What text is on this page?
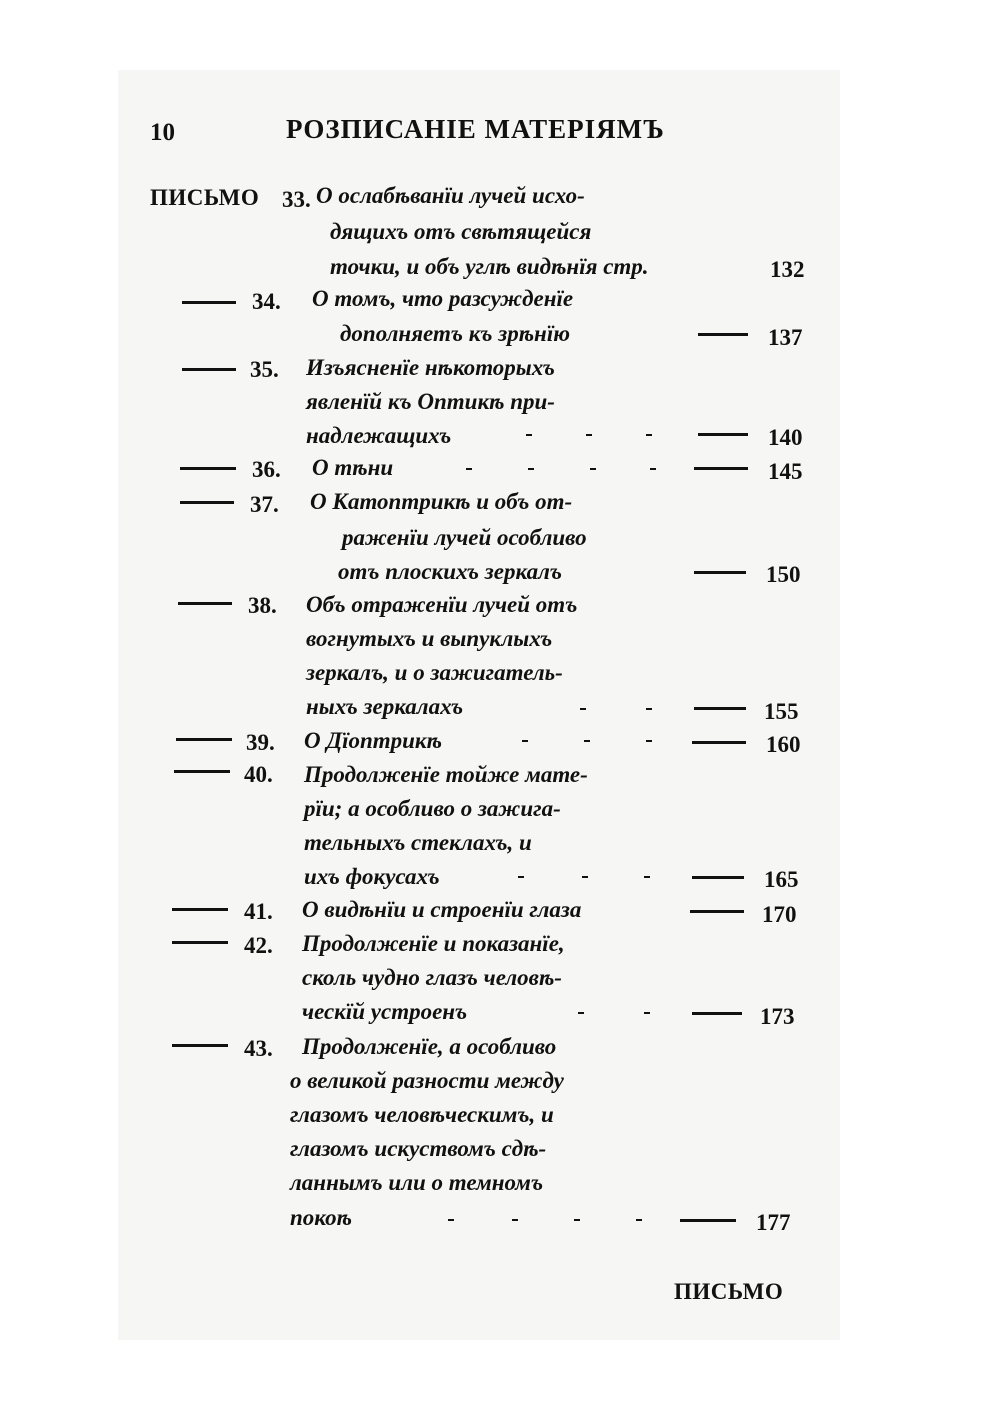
10	РОЗПИСАНІЕ МАТЕРІЯМЪ
ПИСЬМО 33. О ослабѣванїи лучей исхо-
дящихъ отъ свѣтящейся
точки, и объ углѣ видѣнїя стр.	132
34. О томъ, что разсужденїе
дополняетъ къ зрѣнїю	137
35. Изъясненїе нѣкоторыхъ
явленїй къ Оптикѣ при-
надлежащихъ	140
36. О тѣни	145
37. О Катоптрикѣ и объ от-
раженїи лучей особливо
отъ плоскихъ зеркалъ	150
38. Объ отраженїи лучей отъ
вогнутыхъ и выпуклыхъ
зеркалъ, и о зажигатель-
ныхъ зеркалахъ	155
39. О Дїоптрикѣ	160
40. Продолженїе тойже мате-
рїи; а особливо о зажига-
тельныхъ стеклахъ, и
ихъ фокусахъ	165
41. О видѣнїи и строенїи глаза	170
42. Продолженїе и показанїе,
сколь чудно глазъ человѣ-
ческїй устроенъ	173
43. Продолженїе, а особливо
о великой разности между
глазомъ человѣческимъ, и
глазомъ искуствомъ сдѣ-
ланнымъ или о темномъ
покоѣ	177
ПИСЬМО
